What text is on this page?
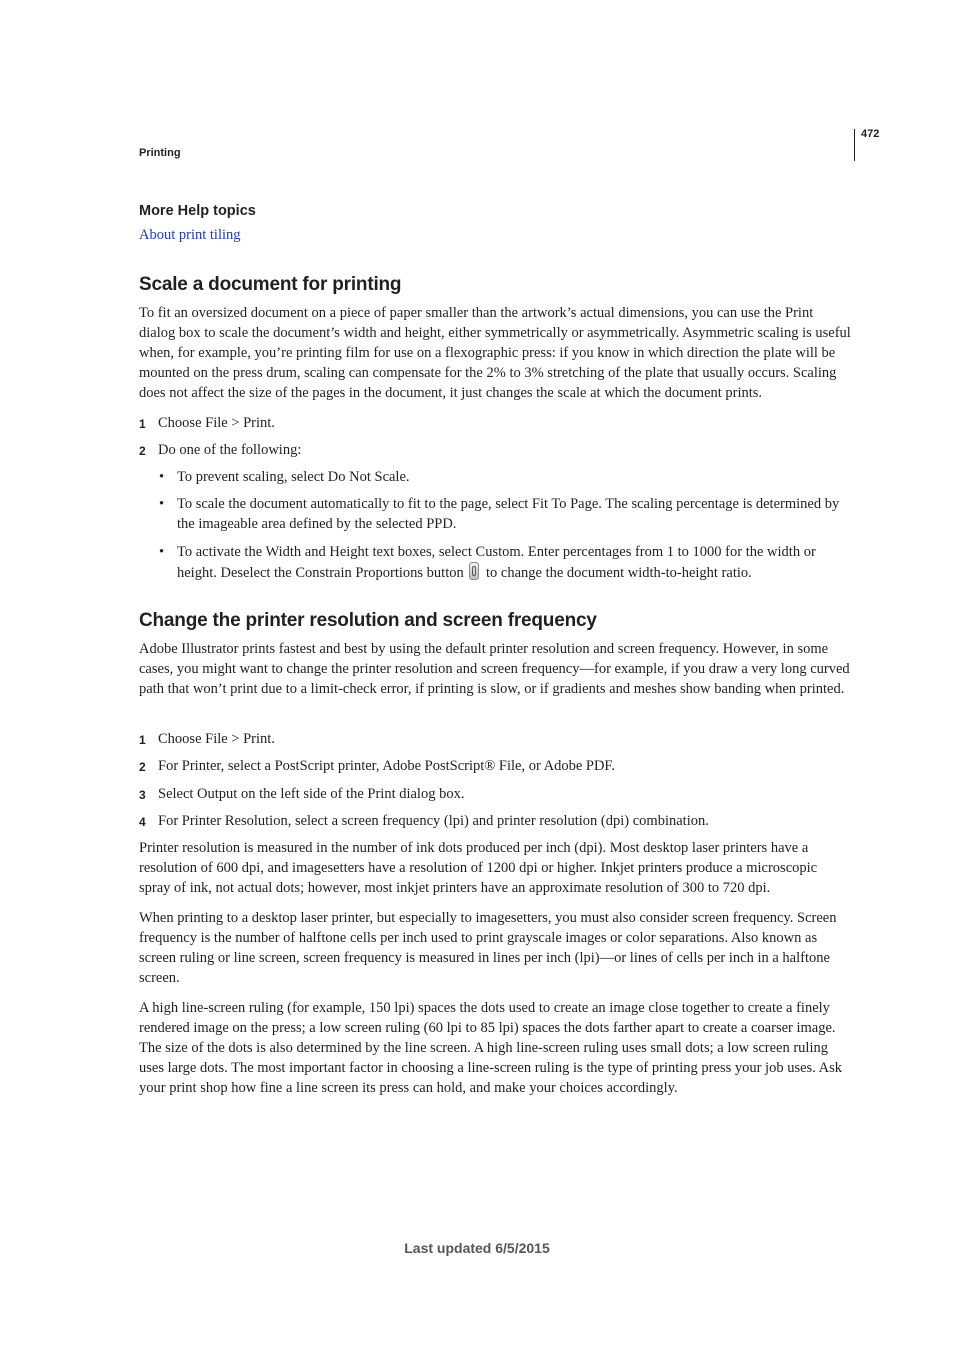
472
Printing
More Help topics
About print tiling
Scale a document for printing

To fit an oversized document on a piece of paper smaller than the artwork’s actual dimensions, you can use the Print dialog box to scale the document’s width and height, either symmetrically or asymmetrically. Asymmetric scaling is useful when, for example, you’re printing film for use on a flexographic press: if you know in which direction the plate will be mounted on the press drum, scaling can compensate for the 2% to 3% stretching of the plate that usually occurs. Scaling does not affect the size of the pages in the document, it just changes the scale at which the document prints.

1 Choose File > Print.
2 Do one of the following:
• To prevent scaling, select Do Not Scale.
• To scale the document automatically to fit to the page, select Fit To Page. The scaling percentage is determined by the imageable area defined by the selected PPD.
• To activate the Width and Height text boxes, select Custom. Enter percentages from 1 to 1000 for the width or height. Deselect the Constrain Proportions button to change the document width-to-height ratio.
Change the printer resolution and screen frequency

Adobe Illustrator prints fastest and best by using the default printer resolution and screen frequency. However, in some cases, you might want to change the printer resolution and screen frequency—for example, if you draw a very long curved path that won’t print due to a limit-check error, if printing is slow, or if gradients and meshes show banding when printed.

1 Choose File > Print.
2 For Printer, select a PostScript printer, Adobe PostScript® File, or Adobe PDF.
3 Select Output on the left side of the Print dialog box.
4 For Printer Resolution, select a screen frequency (lpi) and printer resolution (dpi) combination.

Printer resolution is measured in the number of ink dots produced per inch (dpi). Most desktop laser printers have a resolution of 600 dpi, and imagesetters have a resolution of 1200 dpi or higher. Inkjet printers produce a microscopic spray of ink, not actual dots; however, most inkjet printers have an approximate resolution of 300 to 720 dpi.

When printing to a desktop laser printer, but especially to imagesetters, you must also consider screen frequency. Screen frequency is the number of halftone cells per inch used to print grayscale images or color separations. Also known as screen ruling or line screen, screen frequency is measured in lines per inch (lpi)—or lines of cells per inch in a halftone screen.

A high line-screen ruling (for example, 150 lpi) spaces the dots used to create an image close together to create a finely rendered image on the press; a low screen ruling (60 lpi to 85 lpi) spaces the dots farther apart to create a coarser image. The size of the dots is also determined by the line screen. A high line-screen ruling uses small dots; a low screen ruling uses large dots. The most important factor in choosing a line-screen ruling is the type of printing press your job uses. Ask your print shop how fine a line screen its press can hold, and make your choices accordingly.

Last updated 6/5/2015
